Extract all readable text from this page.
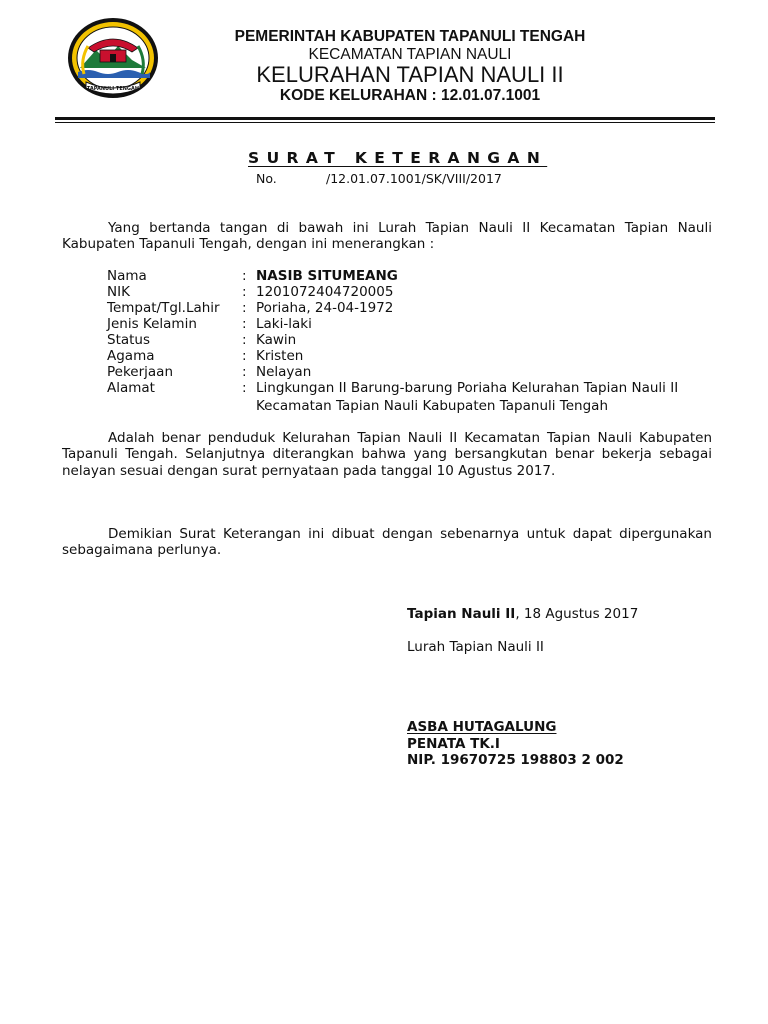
TAPANULI TENGAH
PEMERINTAH KABUPATEN TAPANULI TENGAH
KECAMATAN TAPIAN NAULI
KELURAHAN TAPIAN NAULI II
KODE KELURAHAN : 12.01.07.1001
SURAT KETERANGAN
No.	/12.01.07.1001/SK/VIII/2017

Yang bertanda tangan di bawah ini Lurah Tapian Nauli II Kecamatan Tapian Nauli Kabupaten Tapanuli Tengah, dengan ini menerangkan :

Nama	: NASIB SITUMEANG
NIK	: 1201072404720005
Tempat/Tgl.Lahir : Poriaha, 24-04-1972
Jenis Kelamin	: Laki-laki
Status	: Kawin
Agama	: Kristen
Pekerjaan	: Nelayan
Alamat	: Lingkungan II Barung-barung Poriaha Kelurahan Tapian Nauli II
Kecamatan Tapian Nauli Kabupaten Tapanuli Tengah

Adalah benar penduduk Kelurahan Tapian Nauli II Kecamatan Tapian Nauli Kabupaten Tapanuli Tengah. Selanjutnya diterangkan bahwa yang bersangkutan benar bekerja sebagai nelayan sesuai dengan surat pernyataan pada tanggal 10 Agustus 2017.

Demikian Surat Keterangan ini dibuat dengan sebenarnya untuk dapat dipergunakan sebagaimana perlunya.

Tapian Nauli II, 18 Agustus 2017
Lurah Tapian Nauli II
ASBA HUTAGALUNG
PENATA TK.I
NIP. 19670725 198803 2 002
